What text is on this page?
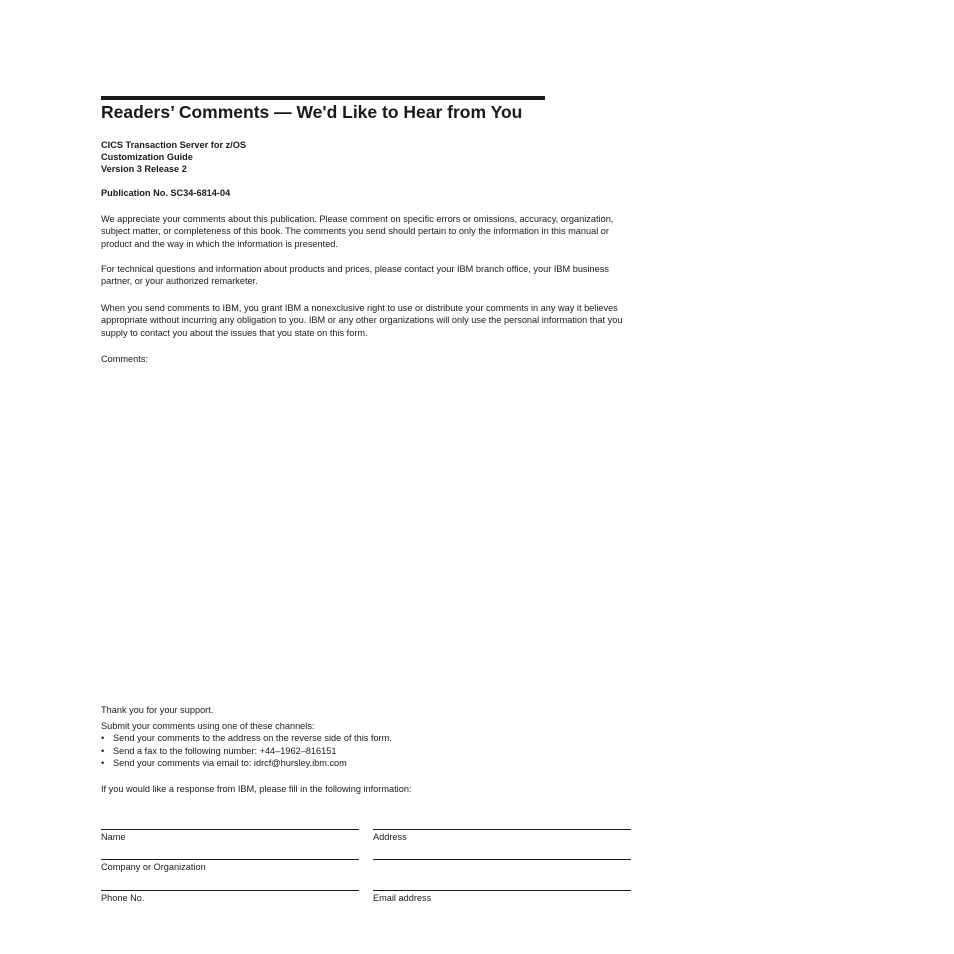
Readers’ Comments — We'd Like to Hear from You
CICS Transaction Server for z/OS
Customization Guide
Version 3 Release 2
Publication No. SC34-6814-04

We appreciate your comments about this publication. Please comment on specific errors or omissions, accuracy, organization, subject matter, or completeness of this book. The comments you send should pertain to only the information in this manual or product and the way in which the information is presented.

For technical questions and information about products and prices, please contact your IBM branch office, your IBM business partner, or your authorized remarketer.

When you send comments to IBM, you grant IBM a nonexclusive right to use or distribute your comments in any way it believes appropriate without incurring any obligation to you. IBM or any other organizations will only use the personal information that you supply to contact you about the issues that you state on this form.

Comments:
Thank you for your support.
Submit your comments using one of these channels:
• Send your comments to the address on the reverse side of this form.
• Send a fax to the following number: +44–1962–816151
• Send your comments via email to: idrcf@hursley.ibm.com
If you would like a response from IBM, please fill in the following information:
Name	Address
Company or Organization
Phone No.	Email address
